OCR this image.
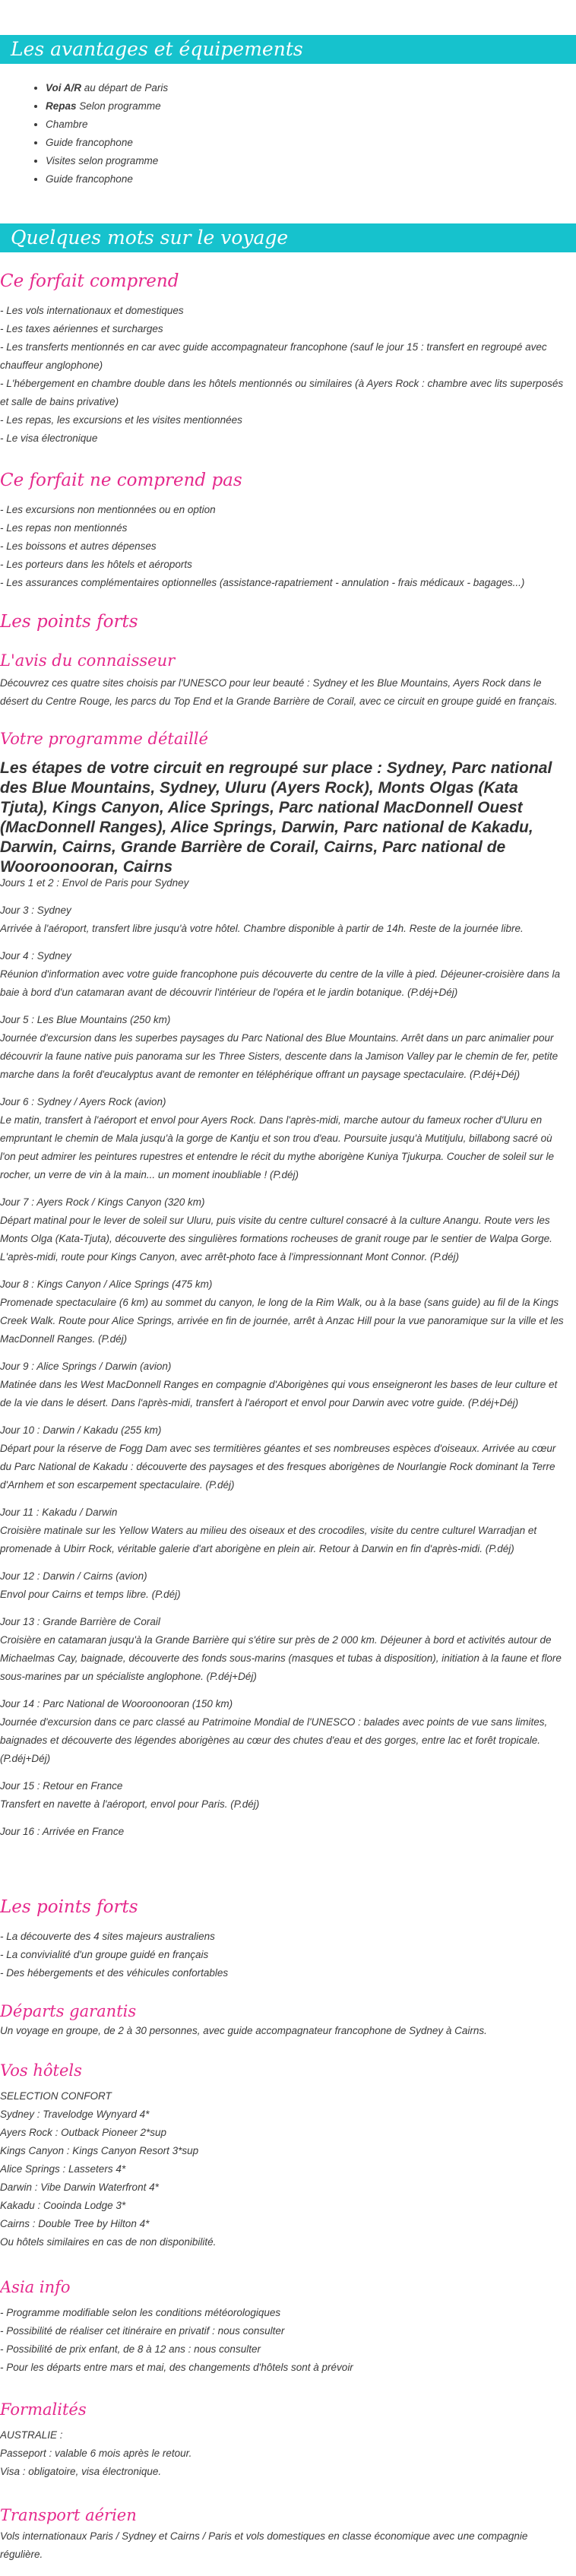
Les avantages et équipements
• Voi A/R au départ de Paris
• Repas Selon programme
• Chambre
• Guide francophone
• Visites selon programme
• Guide francophone
Quelques mots sur le voyage
Ce forfait comprend
- Les vols internationaux et domestiques
- Les taxes aériennes et surcharges
- Les transferts mentionnés en car avec guide accompagnateur francophone (sauf le jour 15 : transfert en regroupé avec chauffeur anglophone)
- L'hébergement en chambre double dans les hôtels mentionnés ou similaires (à Ayers Rock : chambre avec lits superposés et salle de bains privative)
- Les repas, les excursions et les visites mentionnées
- Le visa électronique
Ce forfait ne comprend pas
- Les excursions non mentionnées ou en option
- Les repas non mentionnés
- Les boissons et autres dépenses
- Les porteurs dans les hôtels et aéroports
- Les assurances complémentaires optionnelles (assistance-rapatriement - annulation - frais médicaux - bagages...)
Les points forts
L'avis du connaisseur
Découvrez ces quatre sites choisis par l'UNESCO pour leur beauté : Sydney et les Blue Mountains, Ayers Rock dans le désert du Centre Rouge, les parcs du Top End et la Grande Barrière de Corail, avec ce circuit en groupe guidé en français.
Votre programme détaillé
Les étapes de votre circuit en regroupé sur place : Sydney, Parc national des Blue Mountains, Sydney, Uluru (Ayers Rock), Monts Olgas (Kata Tjuta), Kings Canyon, Alice Springs, Parc national MacDonnell Ouest (MacDonnell Ranges), Alice Springs, Darwin, Parc national de Kakadu, Darwin, Cairns, Grande Barrière de Corail, Cairns, Parc national de Wooroonooran, Cairns
Jours 1 et 2 : Envol de Paris pour Sydney
Jour 3 : Sydney
Arrivée à l'aéroport, transfert libre jusqu'à votre hôtel. Chambre disponible à partir de 14h. Reste de la journée libre.
Jour 4 : Sydney
Réunion d'information avec votre guide francophone puis découverte du centre de la ville à pied. Déjeuner-croisière dans la baie à bord d'un catamaran avant de découvrir l'intérieur de l'opéra et le jardin botanique. (P.déj+Déj)
Jour 5 : Les Blue Mountains (250 km)
Journée d'excursion dans les superbes paysages du Parc National des Blue Mountains. Arrêt dans un parc animalier pour découvrir la faune native puis panorama sur les Three Sisters, descente dans la Jamison Valley par le chemin de fer, petite marche dans la forêt d'eucalyptus avant de remonter en téléphérique offrant un paysage spectaculaire. (P.déj+Déj)
Jour 6 : Sydney / Ayers Rock (avion)
Le matin, transfert à l'aéroport et envol pour Ayers Rock. Dans l'après-midi, marche autour du fameux rocher d'Uluru en empruntant le chemin de Mala jusqu'à la gorge de Kantju et son trou d'eau. Poursuite jusqu'à Mutitjulu, billabong sacré où l'on peut admirer les peintures rupestres et entendre le récit du mythe aborigène Kuniya Tjukurpa. Coucher de soleil sur le rocher, un verre de vin à la main... un moment inoubliable ! (P.déj)
Jour 7 : Ayers Rock / Kings Canyon (320 km)
Départ matinal pour le lever de soleil sur Uluru, puis visite du centre culturel consacré à la culture Anangu. Route vers les Monts Olga (Kata-Tjuta), découverte des singulières formations rocheuses de granit rouge par le sentier de Walpa Gorge. L'après-midi, route pour Kings Canyon, avec arrêt-photo face à l'impressionnant Mont Connor. (P.déj)
Jour 8 : Kings Canyon / Alice Springs (475 km)
Promenade spectaculaire (6 km) au sommet du canyon, le long de la Rim Walk, ou à la base (sans guide) au fil de la Kings Creek Walk. Route pour Alice Springs, arrivée en fin de journée, arrêt à Anzac Hill pour la vue panoramique sur la ville et les MacDonnell Ranges. (P.déj)
Jour 9 : Alice Springs / Darwin (avion)
Matinée dans les West MacDonnell Ranges en compagnie d'Aborigènes qui vous enseigneront les bases de leur culture et de la vie dans le désert. Dans l'après-midi, transfert à l'aéroport et envol pour Darwin avec votre guide. (P.déj+Déj)
Jour 10 : Darwin / Kakadu (255 km)
Départ pour la réserve de Fogg Dam avec ses termitières géantes et ses nombreuses espèces d'oiseaux. Arrivée au cœur du Parc National de Kakadu : découverte des paysages et des fresques aborigènes de Nourlangie Rock dominant la Terre d'Arnhem et son escarpement spectaculaire. (P.déj)
Jour 11 : Kakadu / Darwin
Croisière matinale sur les Yellow Waters au milieu des oiseaux et des crocodiles, visite du centre culturel Warradjan et promenade à Ubirr Rock, véritable galerie d'art aborigène en plein air. Retour à Darwin en fin d'après-midi. (P.déj)
Jour 12 : Darwin / Cairns (avion)
Envol pour Cairns et temps libre. (P.déj)
Jour 13 : Grande Barrière de Corail
Croisière en catamaran jusqu'à la Grande Barrière qui s'étire sur près de 2 000 km. Déjeuner à bord et activités autour de Michaelmas Cay, baignade, découverte des fonds sous-marins (masques et tubas à disposition), initiation à la faune et flore sous-marines par un spécialiste anglophone. (P.déj+Déj)
Jour 14 : Parc National de Wooroonooran (150 km)
Journée d'excursion dans ce parc classé au Patrimoine Mondial de l'UNESCO : balades avec points de vue sans limites, baignades et découverte des légendes aborigènes au cœur des chutes d'eau et des gorges, entre lac et forêt tropicale. (P.déj+Déj)
Jour 15 : Retour en France
Transfert en navette à l'aéroport, envol pour Paris. (P.déj)
Jour 16 : Arrivée en France
Les points forts
- La découverte des 4 sites majeurs australiens
- La convivialité d'un groupe guidé en français
- Des hébergements et des véhicules confortables
Départs garantis
Un voyage en groupe, de 2 à 30 personnes, avec guide accompagnateur francophone de Sydney à Cairns.
Vos hôtels
SELECTION CONFORT
Sydney : Travelodge Wynyard 4*
Ayers Rock : Outback Pioneer 2*sup
Kings Canyon : Kings Canyon Resort 3*sup
Alice Springs : Lasseters 4*
Darwin : Vibe Darwin Waterfront 4*
Kakadu : Cooinda Lodge 3*
Cairns : Double Tree by Hilton 4*
Ou hôtels similaires en cas de non disponibilité.
Asia info
- Programme modifiable selon les conditions météorologiques
- Possibilité de réaliser cet itinéraire en privatif : nous consulter
- Possibilité de prix enfant, de 8 à 12 ans : nous consulter
- Pour les départs entre mars et mai, des changements d'hôtels sont à prévoir
Formalités
AUSTRALIE :
Passeport : valable 6 mois après le retour.
Visa : obligatoire, visa électronique.
Transport aérien
Vols internationaux Paris / Sydney et Cairns / Paris et vols domestiques en classe économique avec une compagnie régulière.
